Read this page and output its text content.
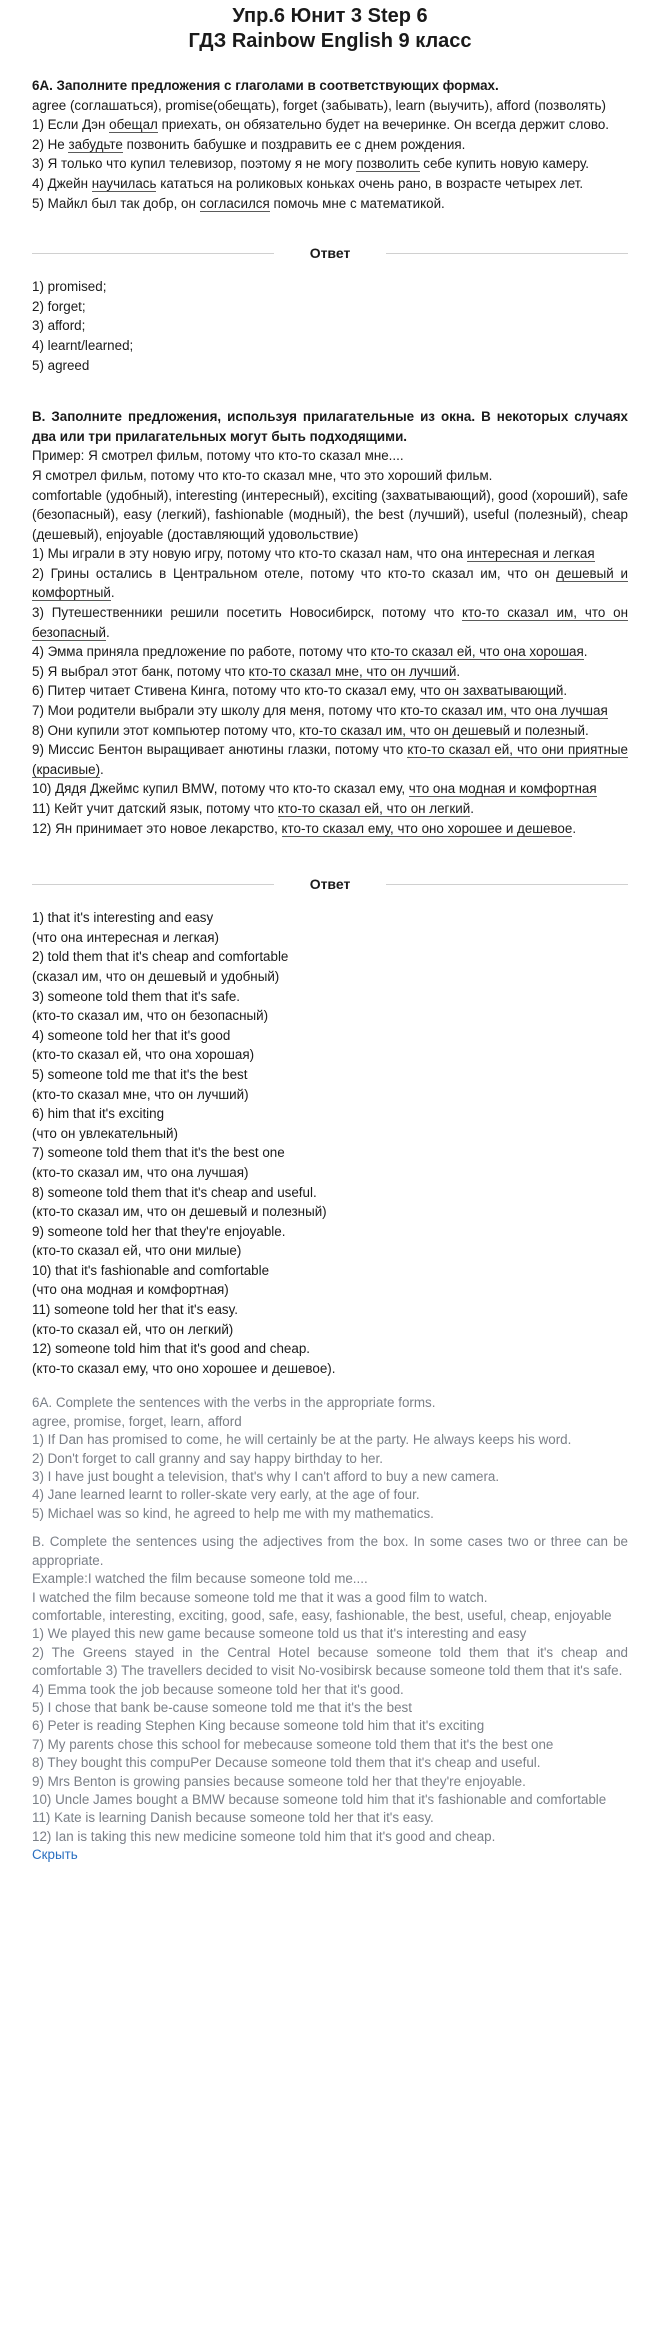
Упр.6 Юнит 3 Step 6
ГДЗ Rainbow English 9 класс

6А. Заполните предложения с глаголами в соответствующих формах.

agree (соглашаться), promise(обещать), forget (забывать), learn (выучить), afford (позволять)

1) Если Дэн обещал приехать, он обязательно будет на вечеринке. Он всегда держит слово.

2) Не забудьте позвонить бабушке и поздравить ее с днем рождения.

3) Я только что купил телевизор, поэтому я не могу позволить себе купить новую камеру.

4) Джейн научилась кататься на роликовых коньках очень рано, в возрасте четырех лет.

5) Майкл был так добр, он согласился помочь мне с математикой.

Ответ

1) promised;

2) forget;

3) afford;

4) learnt/learned;

5) agreed

B. Заполните предложения, используя прилагательные из окна. В некоторых случаях два или три прилагательных могут быть подходящими.

Пример: Я смотрел фильм, потому что кто-то сказал мне....

Я смотрел фильм, потому что кто-то сказал мне, что это хороший фильм.

comfortable (удобный), interesting (интересный), exciting (захватывающий), good (хороший), safe (безопасный), easy (легкий), fashionable (модный), the best (лучший), useful (полезный), cheap (дешевый), enjoyable (доставляющий удовольствие)

1) Мы играли в эту новую игру, потому что кто-то сказал нам, что она интересная и легкая

2) Грины остались в Центральном отеле, потому что кто-то сказал им, что он дешевый и комфортный.

3) Путешественники решили посетить Новосибирск, потому что кто-то сказал им, что он безопасный.

4) Эмма приняла предложение по работе, потому что кто-то сказал ей, что она хорошая.

5) Я выбрал этот банк, потому что кто-то сказал мне, что он лучший.

6) Питер читает Стивена Кинга, потому что кто-то сказал ему, что он захватывающий.

7) Мои родители выбрали эту школу для меня, потому что кто-то сказал им, что она лучшая

8) Они купили этот компьютер потому что, кто-то сказал им, что он дешевый и полезный.

9) Миссис Бентон выращивает анютины глазки, потому что кто-то сказал ей, что они приятные (красивые).

10) Дядя Джеймс купил BMW, потому что кто-то сказал ему, что она модная и комфортная

11) Кейт учит датский язык, потому что кто-то сказал ей, что он легкий.

12) Ян принимает это новое лекарство, кто-то сказал ему, что оно хорошее и дешевое.

Ответ

1) that it's interesting and easy

(что она интересная и легкая)

2) told them that it's cheap and comfortable

(сказал им, что он дешевый и удобный)

3) someone told them that it's safe.

(кто-то сказал им, что он безопасный)

4) someone told her that it's good

(кто-то сказал ей, что она хорошая)

5) someone told me that it's the best

(кто-то сказал мне, что он лучший)

6) him that it's exciting

(что он увлекательный)

7) someone told them that it's the best one

(кто-то сказал им, что она лучшая)

8) someone told them that it's cheap and useful.

(кто-то сказал им, что он дешевый и полезный)

9) someone told her that they're enjoyable.

(кто-то сказал ей, что они милые)

10) that it's fashionable and comfortable

(что она модная и комфортная)

11) someone told her that it's easy.

(кто-то сказал ей, что он легкий)

12) someone told him that it's good and cheap.

(кто-то сказал ему, что оно хорошее и дешевое).

6A. Complete the sentences with the verbs in the appropriate forms.

agree, promise, forget, learn, afford

1) If Dan has promised to come, he will certainly be at the party. He always keeps his word.

2) Don't forget to call granny and say happy birthday to her.

3) I have just bought a television, that's why I can't afford to buy a new camera.

4) Jane learned learnt to roller-skate very early, at the age of four.

5) Michael was so kind, he agreed to help me with my mathematics.

B. Complete the sentences using the adjectives from the box. In some cases two or three can be appropriate.

Example:I watched the film because someone told me....

I watched the film because someone told me that it was a good film to watch.

comfortable, interesting, exciting, good, safe, easy, fashionable, the best, useful, cheap, enjoyable

1) We played this new game because someone told us that it's interesting and easy

2) The Greens stayed in the Central Hotel because someone told them that it's cheap and comfortable 3) The travellers decided to visit No-vosibirsk because someone told them that it's safe.

4) Emma took the job because someone told her that it's good.

5) I chose that bank be-cause someone told me that it's the best

6) Peter is reading Stephen King because someone told him that it's exciting

7) My parents chose this school for mebecause someone told them that it's the best one

8) They bought this compuPer Decause someone told them that it's cheap and useful.

9) Mrs Benton is growing pansies because someone told her that they're enjoyable.

10) Uncle James bought a BMW because someone told him that it's fashionable and comfortable

11) Kate is learning Danish because someone told her that it's easy.

12) Ian is taking this new medicine someone told him that it's good and cheap.

Скрыть
